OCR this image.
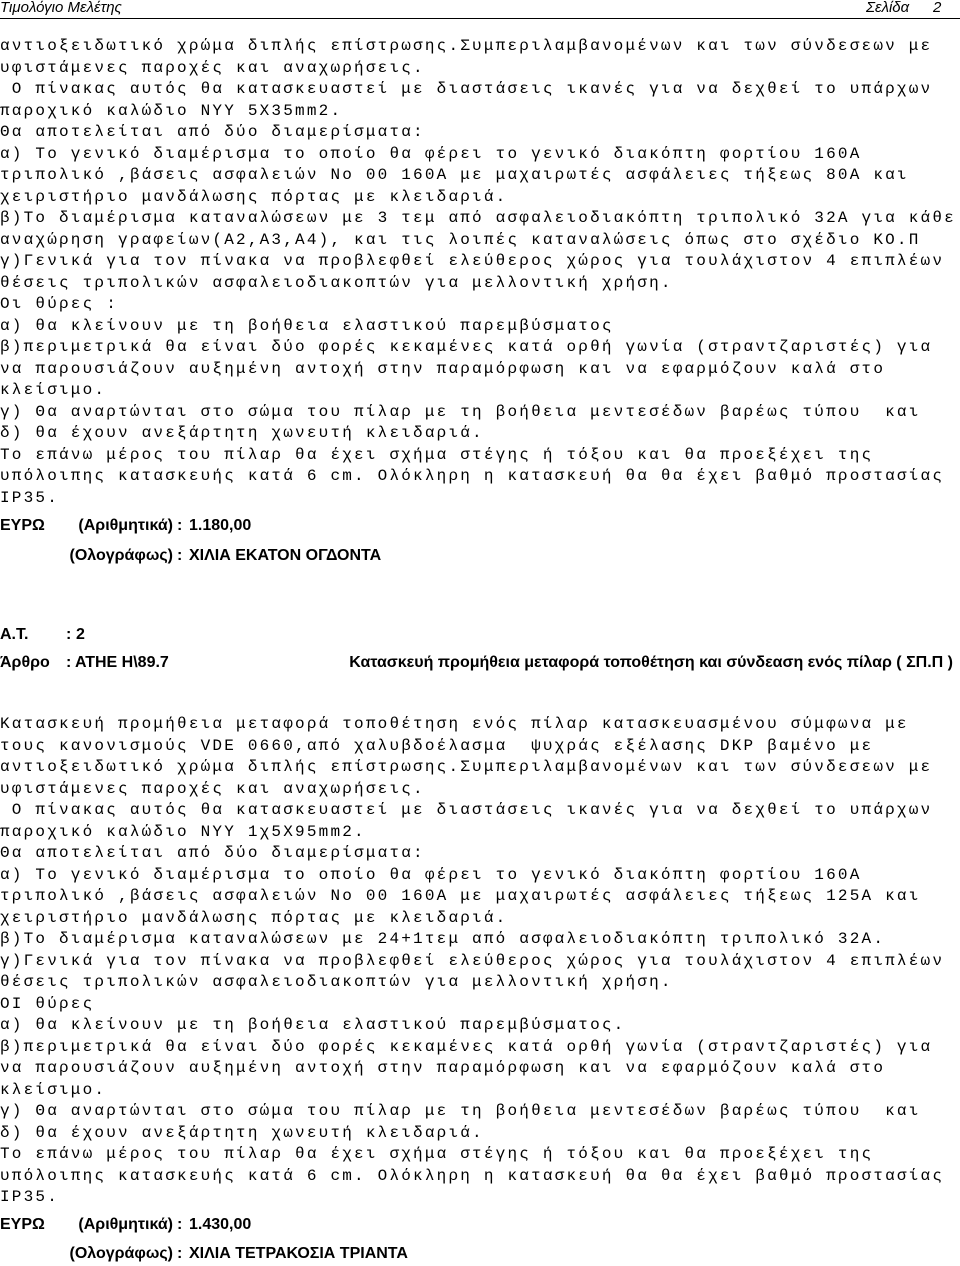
Τιμολόγιο Μελέτης	Σελίδα 2
αντιοξειδωτικό χρώμα διπλής επίστρωσης.Συμπεριλαμβανομένων και των σύνδεσεων με
υφιστάμενες παροχές και αναχωρήσεις.
Ο πίνακας αυτός θα κατασκευαστεί με διαστάσεις ικανές για να δεχθεί το υπάρχων
παροχικό καλώδιο NYY 5X35mm2.
Θα αποτελείται από δύο διαμερίσματα:
α) Το γενικό διαμέρισμα το οποίο θα φέρει το γενικό διακόπτη φορτίου 160A
τριπολικό ,βάσεις ασφαλειών Νο 00 160A με μαχαιρωτές ασφάλειες τήξεως 80A και
χειριστήριο μανδάλωσης πόρτας με κλειδαριά.
β)Το διαμέρισμα καταναλώσεων με 3 τεμ από ασφαλειοδιακόπτη τριπολικό 32A για κάθε
αναχώρηση γραφείων(A2,A3,A4), και τις λοιπές καταναλώσεις όπως στο σχέδιο ΚΟ.Π
γ)Γενικά για τον πίνακα να προβλεφθεί ελεύθερος χώρος για τουλάχιστον 4 επιπλέων
θέσεις τριπολικών ασφαλειοδιακοπτών για μελλοντική χρήση.
Οι θύρες :
α) θα κλείνουν με τη βοήθεια ελαστικού παρεμβύσματος
β)περιμετρικά θα είναι δύο φορές κεκαμένες κατά ορθή γωνία (στραντζαριστές) για
να παρουσιάζουν αυξημένη αντοχή στην παραμόρφωση και να εφαρμόζουν καλά στο
κλείσιμο.
γ) Θα αναρτώνται στο σώμα του πίλαρ με τη βοήθεια μεντεσέδων βαρέως τύπου  και
δ) θα έχουν ανεξάρτητη χωνευτή κλειδαριά.
Το επάνω μέρος του πίλαρ θα έχει σχήμα στέγης ή τόξου και θα προεξέχει της
υπόλοιπης κατασκευής κατά 6 cm. Ολόκληρη η κατασκευή θα θα έχει βαθμό προστασίας
IP35.
ΕΥΡΩ	(Αριθμητικά) : 1.180,00
(Ολογράφως) : ΧΙΛΙΑ ΕΚΑΤΟΝ ΟΓΔΟΝΤΑ
Α.Τ. : 2
Άρθρο : ΑΤΗΕ Η\89.7	Κατασκευή προμήθεια μεταφορά τοποθέτηση και σύνδεαση ενός πίλαρ ( ΣΠ.Π )
Κατασκευή προμήθεια μεταφορά τοποθέτηση ενός πίλαρ κατασκευασμένου σύμφωνα με
τους κανονισμούς VDE 0660,από χαλυβδοέλασμα  ψυχράς εξέλασης DKP βαμένο με
αντιοξειδωτικό χρώμα διπλής επίστρωσης.Συμπεριλαμβανομένων και των σύνδεσεων με
υφιστάμενες παροχές και αναχωρήσεις.
Ο πίνακας αυτός θα κατασκευαστεί με διαστάσεις ικανές για να δεχθεί το υπάρχων
παροχικό καλώδιο NYY 1χ5X95mm2.
Θα αποτελείται από δύο διαμερίσματα:
α) Το γενικό διαμέρισμα το οποίο θα φέρει το γενικό διακόπτη φορτίου 160A
τριπολικό ,βάσεις ασφαλειών Νο 00 160A με μαχαιρωτές ασφάλειες τήξεως 125A και
χειριστήριο μανδάλωσης πόρτας με κλειδαριά.
β)Το διαμέρισμα καταναλώσεων με 24+1τεμ από ασφαλειοδιακόπτη τριπολικό 32A.
γ)Γενικά για τον πίνακα να προβλεφθεί ελεύθερος χώρος για τουλάχιστον 4 επιπλέων
θέσεις τριπολικών ασφαλειοδιακοπτών για μελλοντική χρήση.
ΟΙ θύρες
α) θα κλείνουν με τη βοήθεια ελαστικού παρεμβύσματος.
β)περιμετρικά θα είναι δύο φορές κεκαμένες κατά ορθή γωνία (στραντζαριστές) για
να παρουσιάζουν αυξημένη αντοχή στην παραμόρφωση και να εφαρμόζουν καλά στο
κλείσιμο.
γ) Θα αναρτώνται στο σώμα του πίλαρ με τη βοήθεια μεντεσέδων βαρέως τύπου  και
δ) θα έχουν ανεξάρτητη χωνευτή κλειδαριά.
Το επάνω μέρος του πίλαρ θα έχει σχήμα στέγης ή τόξου και θα προεξέχει της
υπόλοιπης κατασκευής κατά 6 cm. Ολόκληρη η κατασκευή θα θα έχει βαθμό προστασίας
IP35.
ΕΥΡΩ	(Αριθμητικά) : 1.430,00
(Ολογράφως) : ΧΙΛΙΑ ΤΕΤΡΑΚΟΣΙΑ ΤΡΙΑΝΤΑ
